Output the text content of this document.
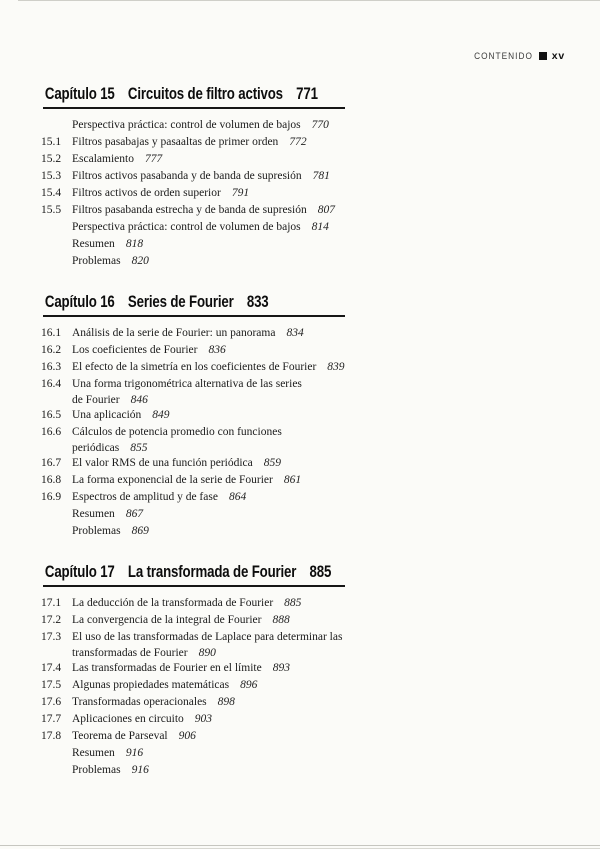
CONTENIDO xv
Capítulo 15 Circuitos de filtro activos 771
Perspectiva práctica: control de volumen de bajos 770
15.1 Filtros pasabajas y pasaaltas de primer orden 772
15.2 Escalamiento 777
15.3 Filtros activos pasabanda y de banda de supresión 781
15.4 Filtros activos de orden superior 791
15.5 Filtros pasabanda estrecha y de banda de supresión 807
Perspectiva práctica: control de volumen de bajos 814
Resumen 818
Problemas 820
Capítulo 16 Series de Fourier 833
16.1 Análisis de la serie de Fourier: un panorama 834
16.2 Los coeficientes de Fourier 836
16.3 El efecto de la simetría en los coeficientes de Fourier 839
16.4 Una forma trigonométrica alternativa de las series
de Fourier 846
16.5 Una aplicación 849
16.6 Cálculos de potencia promedio con funciones
periódicas 855
16.7 El valor RMS de una función periódica 859
16.8 La forma exponencial de la serie de Fourier 861
16.9 Espectros de amplitud y de fase 864
Resumen 867
Problemas 869
Capítulo 17 La transformada de Fourier 885
17.1 La deducción de la transformada de Fourier 885
17.2 La convergencia de la integral de Fourier 888
17.3 El uso de las transformadas de Laplace para determinar las
transformadas de Fourier 890
17.4 Las transformadas de Fourier en el límite 893
17.5 Algunas propiedades matemáticas 896
17.6 Transformadas operacionales 898
17.7 Aplicaciones en circuito 903
17.8 Teorema de Parseval 906
Resumen 916
Problemas 916
